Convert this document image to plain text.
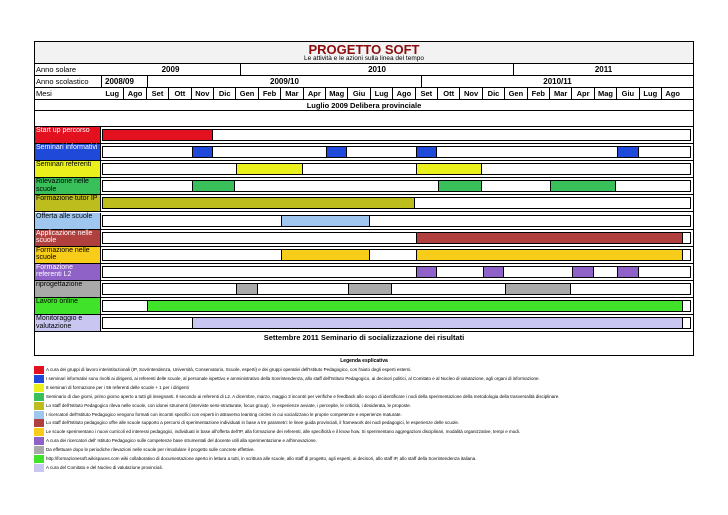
PROGETTO SOFT
Le attività e le azioni sulla linea del tempo
Anno solare	2009	2010	2011
Anno scolastico	2008/09	2009/10	2010/11
Mesi	Lug	Ago	Set	Ott	Nov	Dic	Gen	Feb	Mar	Apr	Mag	Giu	Lug	Ago	Set	Ott	Nov	Dic	Gen	Feb	Mar	Apr	Mag	Giu	Lug	Ago
Luglio 2009 Delibera provinciale
Start up percorso
Seminari informativi
Seminari referenti
Rilevazione nelle scuole
Formazione tutor IP
Offerta alle scuole
Applicazione nelle scuole
Formazione nelle scuole
Formazione referenti L2
riprogettazione
Lavoro online
Monitoraggio e valutazione
Settembre 2011 Seminario di socializzazione dei risultati
Legenda esplicativa
A cura dei gruppi di lavoro interistituzionali (IP, Sovrintendenza, Università, Conservatorio, Scuole, esperti) e dei gruppi operativi dell'Istituto Pedagogico, con l'aiuto degli esperti esterni.
I seminari informativi sono rivolti ai dirigenti, ai referenti delle scuole, al personale ispettivo e amministrativo della Sovrintendenza, allo staff dell'Istituto Pedagogico, ai decisori politici, al Comitato e al Nucleo di valutazione, agli organi di informazione.
8 seminari di formazione per i 56 referenti delle scuole + 1 per i dirigenti
Seminario di due giorni, primo giorno aperto a tutti gli insegnanti. Il secondo ai referenti di L2. A dicembre, marzo, maggio 3 incontri per verifiche e feedback allo scopo di identificare i nodi della sperimentazione della metodologia della trasversalità disciplinare.
Lo staff dell'Istituto Pedagogico rileva nelle scuole, con idonei strumenti (interviste semi-strutturate, focus group) , le esperienze avviate, i percepite, le criticità, i desiderata, le proposte.
I ricercatori dell'Istituto Pedagogico vengono formati con incontri specifici con esperti in attraverso learning circles in cui socializzano le proprie competenze e esperienze maturate.
Lo staff dell'Istituto pedagogico offre alle scuole supporto a percorsi di sperimentazione individuati in base a tre parametri: le linee guida provinciali, il framework dei nodi pedagogici, le esperienze delle scuole.
Le scuole sperimentano i nuovi curricoli ed interessi pedagogici, individuati in base all'offerta dell'IP, alla formazione dei referenti, alle specificità e il know how. Si sperimentano aggregazioni disciplinari, modalità organizzative, tempi e modi.
A cura dei ricercatori dell' Istituto Pedagogico sulle competenze base strumentali del docente utili alla sperimentazione e all'innovazione.
Da effettuare dopo le periodiche rilevazioni nelle scuole per rimodulare il progetto sulle concrete effettive.
http://formazionesoft.wikispaces.com wiki collaborativo di documentazione aperto in lettura a tutti, in scrittura alle scuole, allo staff di progetto, agli esperti, ai decisori, allo staff IP, allo staff della Sovrintendenza italiana.
A cura del Comitato e del Nucleo di valutazione provinciali.
